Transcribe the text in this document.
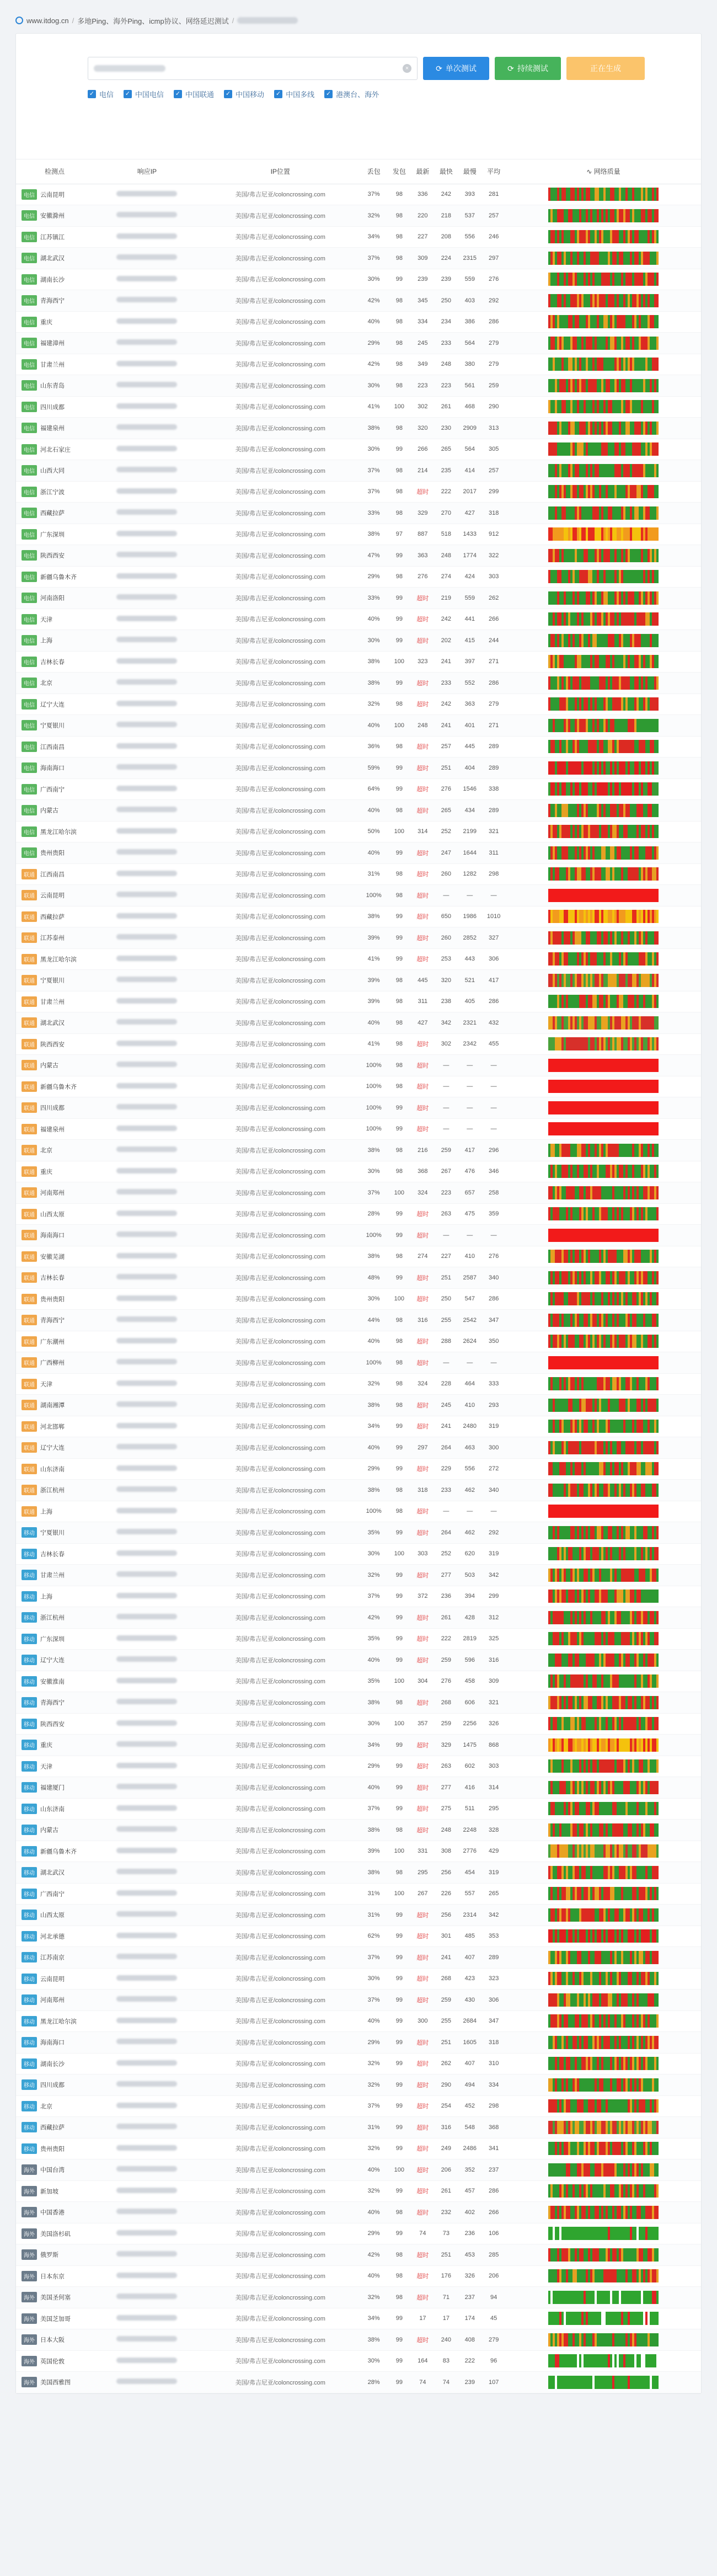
www.itdog.cn / 多地Ping、海外Ping、icmp协议、网络延迟测试 /
×	⟳ 单次测试	⟳ 持续测试	正在生成
✓ 电信 ✓ 中国电信 ✓ 中国联通 ✓ 中国移动 ✓ 中国多线 ✓ 港澳台、海外
检测点	响应IP	IP位置	丢包	发包	最新	最快	最慢	平均	∿ 网络质量
电信 云南昆明		美国/弗吉尼亚/coloncrossing.com	37%	98	336	242	393	281	

电信 安徽滁州		美国/弗吉尼亚/coloncrossing.com	32%	98	220	218	537	257	

电信 江苏镇江		美国/弗吉尼亚/coloncrossing.com	34%	98	227	208	556	246	

电信 湖北武汉		美国/弗吉尼亚/coloncrossing.com	37%	98	309	224	2315	297	

电信 湖南长沙		美国/弗吉尼亚/coloncrossing.com	30%	99	239	239	559	276	

电信 青海西宁		美国/弗吉尼亚/coloncrossing.com	42%	98	345	250	403	292	

电信 重庆		美国/弗吉尼亚/coloncrossing.com	40%	98	334	234	386	286	

电信 福建漳州		美国/弗吉尼亚/coloncrossing.com	29%	98	245	233	564	279	

电信 甘肃兰州		美国/弗吉尼亚/coloncrossing.com	42%	98	349	248	380	279	

电信 山东青岛		美国/弗吉尼亚/coloncrossing.com	30%	98	223	223	561	259	

电信 四川成都		美国/弗吉尼亚/coloncrossing.com	41%	100	302	261	468	290	

电信 福建泉州		美国/弗吉尼亚/coloncrossing.com	38%	98	320	230	2909	313	

电信 河北石家庄		美国/弗吉尼亚/coloncrossing.com	30%	99	266	265	564	305	

电信 山西大同		美国/弗吉尼亚/coloncrossing.com	37%	98	214	235	414	257	

电信 浙江宁波		美国/弗吉尼亚/coloncrossing.com	37%	98	超时	222	2017	299	

电信 西藏拉萨		美国/弗吉尼亚/coloncrossing.com	33%	98	329	270	427	318	

电信 广东深圳		美国/弗吉尼亚/coloncrossing.com	38%	97	887	518	1433	912	

电信 陕西西安		美国/弗吉尼亚/coloncrossing.com	47%	99	363	248	1774	322	

电信 新疆乌鲁木齐		美国/弗吉尼亚/coloncrossing.com	29%	98	276	274	424	303	

电信 河南洛阳		美国/弗吉尼亚/coloncrossing.com	33%	99	超时	219	559	262	

电信 天津		美国/弗吉尼亚/coloncrossing.com	40%	99	超时	242	441	266	

电信 上海		美国/弗吉尼亚/coloncrossing.com	30%	99	超时	202	415	244	

电信 吉林长春		美国/弗吉尼亚/coloncrossing.com	38%	100	323	241	397	271	

电信 北京		美国/弗吉尼亚/coloncrossing.com	38%	99	超时	233	552	286	

电信 辽宁大连		美国/弗吉尼亚/coloncrossing.com	32%	98	超时	242	363	279	

电信 宁夏银川		美国/弗吉尼亚/coloncrossing.com	40%	100	248	241	401	271	

电信 江西南昌		美国/弗吉尼亚/coloncrossing.com	36%	98	超时	257	445	289	

电信 海南海口		美国/弗吉尼亚/coloncrossing.com	59%	99	超时	251	404	289	

电信 广西南宁		美国/弗吉尼亚/coloncrossing.com	64%	99	超时	276	1546	338	

电信 内蒙古		美国/弗吉尼亚/coloncrossing.com	40%	98	超时	265	434	289	

电信 黑龙江哈尔滨		美国/弗吉尼亚/coloncrossing.com	50%	100	314	252	2199	321	

电信 贵州贵阳		美国/弗吉尼亚/coloncrossing.com	40%	99	超时	247	1644	311	

联通 江西南昌		美国/弗吉尼亚/coloncrossing.com	31%	98	超时	260	1282	298	

联通 云南昆明		美国/弗吉尼亚/coloncrossing.com	100%	98	超时	—	—	—	

联通 西藏拉萨		美国/弗吉尼亚/coloncrossing.com	38%	99	超时	650	1986	1010	

联通 江苏泰州		美国/弗吉尼亚/coloncrossing.com	39%	99	超时	260	2852	327	

联通 黑龙江哈尔滨		美国/弗吉尼亚/coloncrossing.com	41%	99	超时	253	443	306	

联通 宁夏银川		美国/弗吉尼亚/coloncrossing.com	39%	98	445	320	521	417	

联通 甘肃兰州		美国/弗吉尼亚/coloncrossing.com	39%	98	311	238	405	286	

联通 湖北武汉		美国/弗吉尼亚/coloncrossing.com	40%	98	427	342	2321	432	

联通 陕西西安		美国/弗吉尼亚/coloncrossing.com	41%	98	超时	302	2342	455	

联通 内蒙古		美国/弗吉尼亚/coloncrossing.com	100%	98	超时	—	—	—	

联通 新疆乌鲁木齐		美国/弗吉尼亚/coloncrossing.com	100%	98	超时	—	—	—	

联通 四川成都		美国/弗吉尼亚/coloncrossing.com	100%	99	超时	—	—	—	

联通 福建泉州		美国/弗吉尼亚/coloncrossing.com	100%	99	超时	—	—	—	

联通 北京		美国/弗吉尼亚/coloncrossing.com	38%	98	216	259	417	296	

联通 重庆		美国/弗吉尼亚/coloncrossing.com	30%	98	368	267	476	346	

联通 河南郑州		美国/弗吉尼亚/coloncrossing.com	37%	100	324	223	657	258	

联通 山西太原		美国/弗吉尼亚/coloncrossing.com	28%	99	超时	263	475	359	

联通 海南海口		美国/弗吉尼亚/coloncrossing.com	100%	99	超时	—	—	—	

联通 安徽芜湖		美国/弗吉尼亚/coloncrossing.com	38%	98	274	227	410	276	

联通 吉林长春		美国/弗吉尼亚/coloncrossing.com	48%	99	超时	251	2587	340	

联通 贵州贵阳		美国/弗吉尼亚/coloncrossing.com	30%	100	超时	250	547	286	

联通 青海西宁		美国/弗吉尼亚/coloncrossing.com	44%	98	316	255	2542	347	

联通 广东潮州		美国/弗吉尼亚/coloncrossing.com	40%	98	超时	288	2624	350	

联通 广西柳州		美国/弗吉尼亚/coloncrossing.com	100%	98	超时	—	—	—	

联通 天津		美国/弗吉尼亚/coloncrossing.com	32%	98	324	228	464	333	

联通 湖南湘潭		美国/弗吉尼亚/coloncrossing.com	38%	98	超时	245	410	293	

联通 河北邯郸		美国/弗吉尼亚/coloncrossing.com	34%	99	超时	241	2480	319	

联通 辽宁大连		美国/弗吉尼亚/coloncrossing.com	40%	99	297	264	463	300	

联通 山东济南		美国/弗吉尼亚/coloncrossing.com	29%	99	超时	229	556	272	

联通 浙江杭州		美国/弗吉尼亚/coloncrossing.com	38%	98	318	233	462	340	

联通 上海		美国/弗吉尼亚/coloncrossing.com	100%	98	超时	—	—	—	

移动 宁夏银川		美国/弗吉尼亚/coloncrossing.com	35%	99	超时	264	462	292	

移动 吉林长春		美国/弗吉尼亚/coloncrossing.com	30%	100	303	252	620	319	

移动 甘肃兰州		美国/弗吉尼亚/coloncrossing.com	32%	99	超时	277	503	342	

移动 上海		美国/弗吉尼亚/coloncrossing.com	37%	99	372	236	394	299	

移动 浙江杭州		美国/弗吉尼亚/coloncrossing.com	42%	99	超时	261	428	312	

移动 广东深圳		美国/弗吉尼亚/coloncrossing.com	35%	99	超时	222	2819	325	

移动 辽宁大连		美国/弗吉尼亚/coloncrossing.com	40%	99	超时	259	596	316	

移动 安徽淮南		美国/弗吉尼亚/coloncrossing.com	35%	100	304	276	458	309	

移动 青海西宁		美国/弗吉尼亚/coloncrossing.com	38%	98	超时	268	606	321	

移动 陕西西安		美国/弗吉尼亚/coloncrossing.com	30%	100	357	259	2256	326	

移动 重庆		美国/弗吉尼亚/coloncrossing.com	34%	99	超时	329	1475	868	

移动 天津		美国/弗吉尼亚/coloncrossing.com	29%	99	超时	263	602	303	

移动 福建厦门		美国/弗吉尼亚/coloncrossing.com	40%	99	超时	277	416	314	

移动 山东济南		美国/弗吉尼亚/coloncrossing.com	37%	99	超时	275	511	295	

移动 内蒙古		美国/弗吉尼亚/coloncrossing.com	38%	98	超时	248	2248	328	

移动 新疆乌鲁木齐		美国/弗吉尼亚/coloncrossing.com	39%	100	331	308	2776	429	

移动 湖北武汉		美国/弗吉尼亚/coloncrossing.com	38%	98	295	256	454	319	

移动 广西南宁		美国/弗吉尼亚/coloncrossing.com	31%	100	267	226	557	265	

移动 山西太原		美国/弗吉尼亚/coloncrossing.com	31%	99	超时	256	2314	342	

移动 河北承德		美国/弗吉尼亚/coloncrossing.com	62%	99	超时	301	485	353	

移动 江苏南京		美国/弗吉尼亚/coloncrossing.com	37%	99	超时	241	407	289	

移动 云南昆明		美国/弗吉尼亚/coloncrossing.com	30%	99	超时	268	423	323	

移动 河南郑州		美国/弗吉尼亚/coloncrossing.com	37%	99	超时	259	430	306	

移动 黑龙江哈尔滨		美国/弗吉尼亚/coloncrossing.com	40%	99	300	255	2684	347	

移动 海南海口		美国/弗吉尼亚/coloncrossing.com	29%	99	超时	251	1605	318	

移动 湖南长沙		美国/弗吉尼亚/coloncrossing.com	32%	99	超时	262	407	310	

移动 四川成都		美国/弗吉尼亚/coloncrossing.com	32%	99	超时	290	494	334	

移动 北京		美国/弗吉尼亚/coloncrossing.com	37%	99	超时	254	452	298	

移动 西藏拉萨		美国/弗吉尼亚/coloncrossing.com	31%	99	超时	316	548	368	

移动 贵州贵阳		美国/弗吉尼亚/coloncrossing.com	32%	99	超时	249	2486	341	

海外 中国台湾		美国/弗吉尼亚/coloncrossing.com	40%	100	超时	206	352	237	

海外 新加坡		美国/弗吉尼亚/coloncrossing.com	32%	99	超时	261	457	286	

海外 中国香港		美国/弗吉尼亚/coloncrossing.com	40%	98	超时	232	402	266	

海外 美国洛杉矶		美国/弗吉尼亚/coloncrossing.com	29%	99	74	73	236	106	

海外 俄罗斯		美国/弗吉尼亚/coloncrossing.com	42%	98	超时	251	453	285	

海外 日本东京		美国/弗吉尼亚/coloncrossing.com	40%	98	超时	176	326	206	

海外 美国圣何塞		美国/弗吉尼亚/coloncrossing.com	32%	98	超时	71	237	94	

海外 美国芝加哥		美国/弗吉尼亚/coloncrossing.com	34%	99	17	17	174	45	

海外 日本大阪		美国/弗吉尼亚/coloncrossing.com	38%	99	超时	240	408	279	

海外 英国伦敦		美国/弗吉尼亚/coloncrossing.com	30%	99	164	83	222	96	

海外 美国西雅图		美国/弗吉尼亚/coloncrossing.com	28%	99	74	74	239	107	
